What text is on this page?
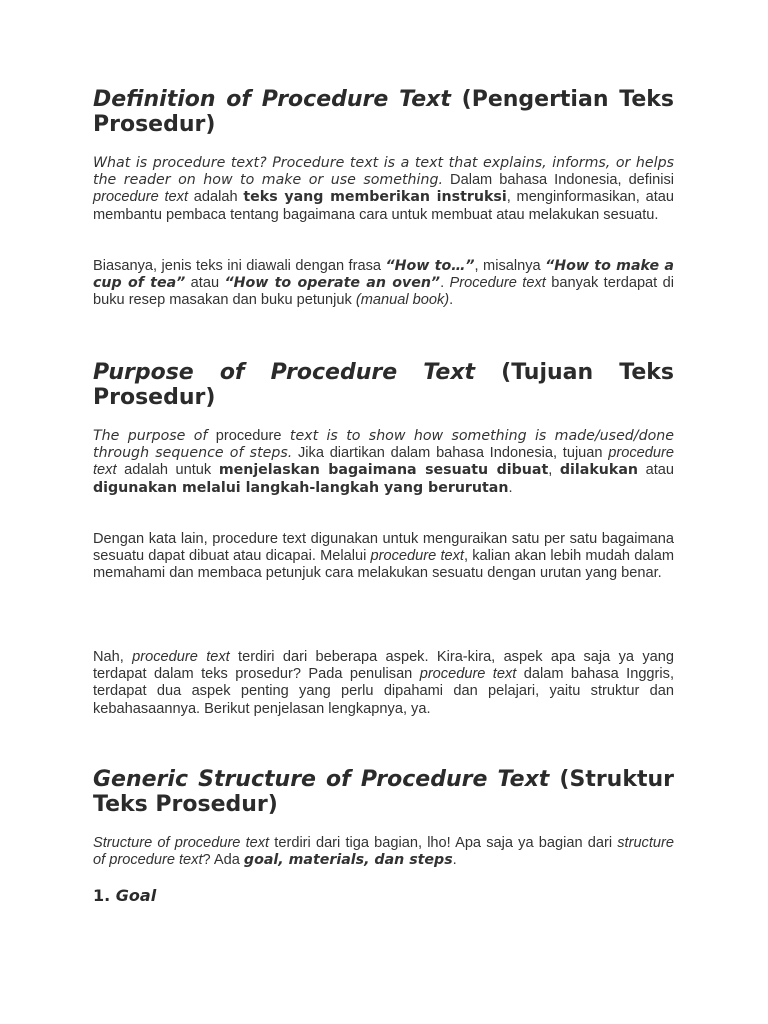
Definition of Procedure Text (Pengertian Teks Prosedur)

What is procedure text? Procedure text is a text that explains, informs, or helps the reader on how to make or use something. Dalam bahasa Indonesia, definisi procedure text adalah teks yang memberikan instruksi, menginformasikan, atau membantu pembaca tentang bagaimana cara untuk membuat atau melakukan sesuatu.

Biasanya, jenis teks ini diawali dengan frasa “How to…”, misalnya “How to make a cup of tea” atau “How to operate an oven”. Procedure text banyak terdapat di buku resep masakan dan buku petunjuk (manual book).

Purpose of Procedure Text (Tujuan Teks Prosedur)

The purpose of procedure text is to show how something is made/used/done through sequence of steps. Jika diartikan dalam bahasa Indonesia, tujuan procedure text adalah untuk menjelaskan bagaimana sesuatu dibuat, dilakukan atau digunakan melalui langkah-langkah yang berurutan.

Dengan kata lain, procedure text digunakan untuk menguraikan satu per satu bagaimana sesuatu dapat dibuat atau dicapai. Melalui procedure text, kalian akan lebih mudah dalam memahami dan membaca petunjuk cara melakukan sesuatu dengan urutan yang benar.

Nah, procedure text terdiri dari beberapa aspek. Kira-kira, aspek apa saja ya yang terdapat dalam teks prosedur? Pada penulisan procedure text dalam bahasa Inggris, terdapat dua aspek penting yang perlu dipahami dan pelajari, yaitu struktur dan kebahasaannya. Berikut penjelasan lengkapnya, ya.

Generic Structure of Procedure Text (Struktur Teks Prosedur)

Structure of procedure text terdiri dari tiga bagian, lho! Apa saja ya bagian dari structure of procedure text? Ada goal, materials, dan steps.

1. Goal
